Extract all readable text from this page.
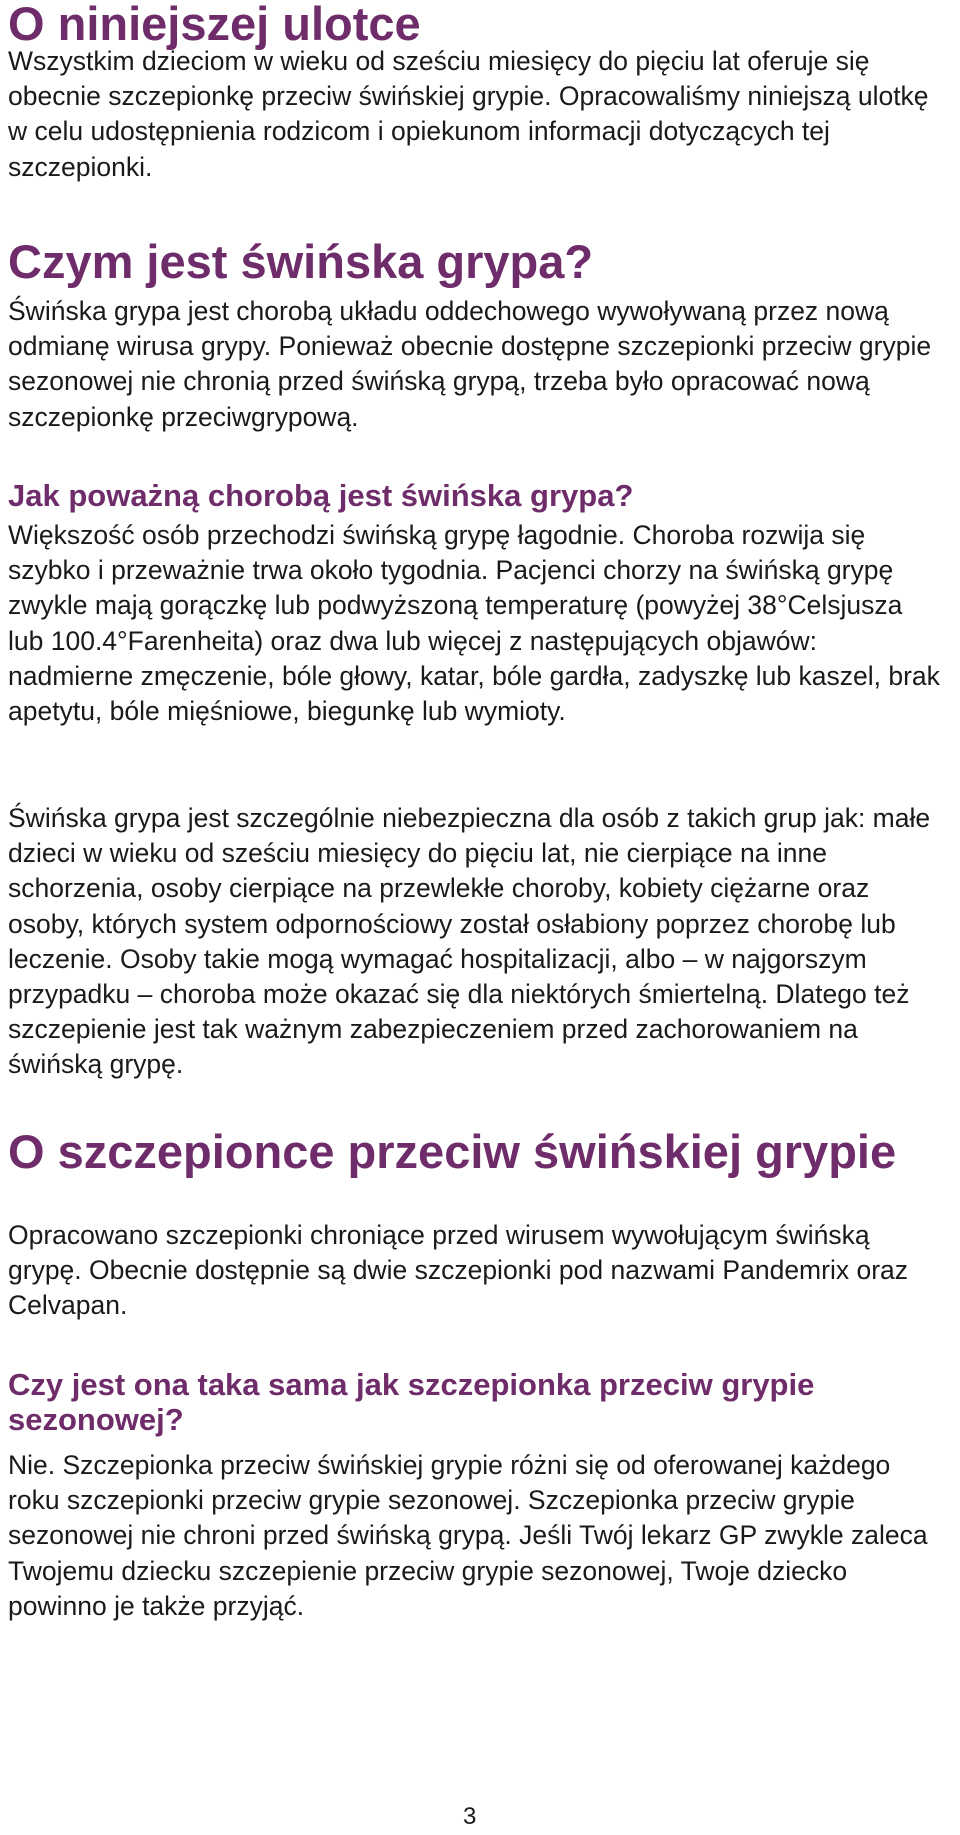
O niniejszej ulotce

Wszystkim dzieciom w wieku od sześciu miesięcy do pięciu lat oferuje się obecnie szczepionkę przeciw świńskiej grypie. Opracowaliśmy niniejszą ulotkę w celu udostępnienia rodzicom i opiekunom informacji dotyczących tej szczepionki.

Czym jest świńska grypa?

Świńska grypa jest chorobą układu oddechowego wywoływaną przez nową odmianę wirusa grypy. Ponieważ obecnie dostępne szczepionki przeciw grypie sezonowej nie chronią przed świńską grypą, trzeba było opracować nową szczepionkę przeciwgrypową.

Jak poważną chorobą jest świńska grypa?

Większość osób przechodzi świńską grypę łagodnie. Choroba rozwija się szybko i przeważnie trwa około tygodnia. Pacjenci chorzy na świńską grypę zwykle mają gorączkę lub podwyższoną temperaturę (powyżej 38°Celsjusza lub 100.4°Farenheita) oraz dwa lub więcej z następujących objawów: nadmierne zmęczenie, bóle głowy, katar, bóle gardła, zadyszkę lub kaszel, brak apetytu, bóle mięśniowe, biegunkę lub wymioty.

Świńska grypa jest szczególnie niebezpieczna dla osób z takich grup jak: małe dzieci w wieku od sześciu miesięcy do pięciu lat, nie cierpiące na inne schorzenia, osoby cierpiące na przewlekłe choroby, kobiety ciężarne oraz osoby, których system odpornościowy został osłabiony poprzez chorobę lub leczenie. Osoby takie mogą wymagać hospitalizacji, albo – w najgorszym przypadku – choroba może okazać się dla niektórych śmiertelną. Dlatego też szczepienie jest tak ważnym zabezpieczeniem przed zachorowaniem na świńską grypę.

O szczepionce przeciw świńskiej grypie

Opracowano szczepionki chroniące przed wirusem wywołującym świńską grypę. Obecnie dostępnie są dwie szczepionki pod nazwami Pandemrix oraz Celvapan.

Czy jest ona taka sama jak szczepionka przeciw grypie sezonowej?

Nie. Szczepionka przeciw świńskiej grypie różni się od oferowanej każdego roku szczepionki przeciw grypie sezonowej. Szczepionka przeciw grypie sezonowej nie chroni przed świńską grypą. Jeśli Twój lekarz GP zwykle zaleca Twojemu dziecku szczepienie przeciw grypie sezonowej, Twoje dziecko powinno je także przyjąć.

3
